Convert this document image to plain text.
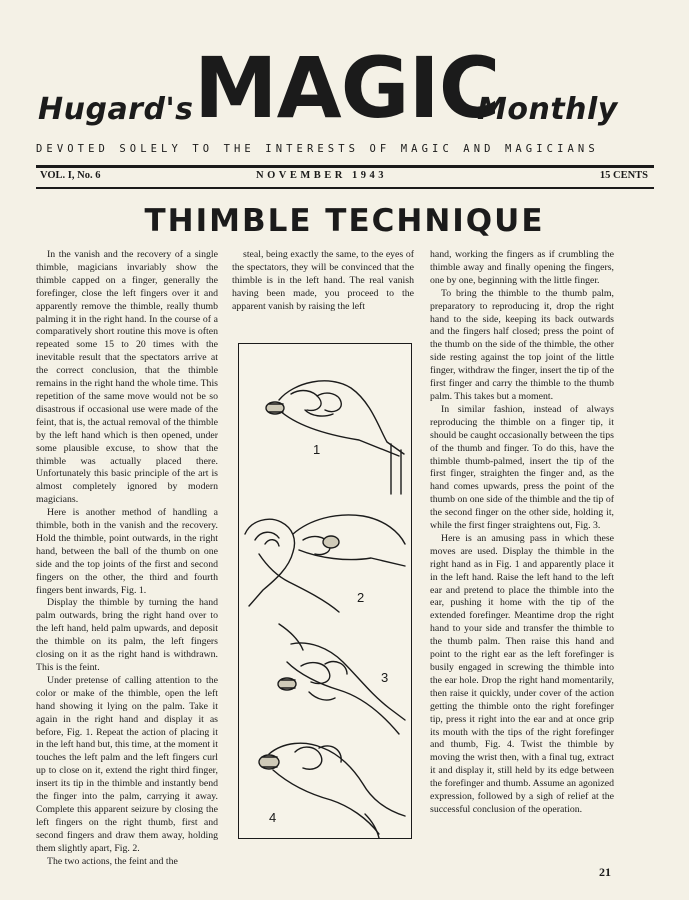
Hugard's MAGIC
Monthly
DEVOTED SOLELY TO THE INTERESTS OF MAGIC AND MAGICIANS
VOL. I, No. 6	NOVEMBER 1943	15 CENTS
THIMBLE TECHNIQUE

In the vanish and the recovery of a single thimble, magicians invariably show the thimble capped on a finger, generally the forefinger, close the left fingers over it and apparently remove the thimble, really thumb palming it in the right hand. In the course of a comparatively short routine this move is often repeated some 15 to 20 times with the inevitable result that the spectators arrive at the correct conclusion, that the thimble remains in the right hand the whole time. This repetition of the same move would not be so disastrous if occasional use were made of the feint, that is, the actual removal of the thimble by the left hand which is then opened, under some plausible excuse, to show that the thimble was actually placed there. Unfortunately this basic principle of the art is almost completely ignored by modern magicians.

Here is another method of handling a thimble, both in the vanish and the recovery. Hold the thimble, point outwards, in the right hand, between the ball of the thumb on one side and the top joints of the first and second fingers on the other, the third and fourth fingers bent inwards, Fig. 1.

Display the thimble by turning the hand palm outwards, bring the right hand over to the left hand, held palm upwards, and deposit the thimble on its palm, the left fingers closing on it as the right hand is withdrawn. This is the feint.

Under pretense of calling attention to the color or make of the thimble, open the left hand showing it lying on the palm. Take it again in the right hand and display it as before, Fig. 1. Repeat the action of placing it in the left hand but, this time, at the moment it touches the left palm and the left fingers curl up to close on it, extend the right third finger, insert its tip in the thimble and instantly bend the finger into the palm, carrying it away. Complete this apparent seizure by closing the left fingers on the right thumb, first and second fingers and draw them away, holding them slightly apart, Fig. 2.

The two actions, the feint and the

steal, being exactly the same, to the eyes of the spectators, they will be convinced that the thimble is in the left hand. The real vanish having been made, you proceed to the apparent vanish by raising the left

1
2
3
4

hand, working the fingers as if crumbling the thimble away and finally opening the fingers, one by one, beginning with the little finger.

To bring the thimble to the thumb palm, preparatory to reproducing it, drop the right hand to the side, keeping its back outwards and the fingers half closed; press the point of the thumb on the side of the thimble, the other side resting against the top joint of the little finger, withdraw the finger, insert the tip of the first finger and carry the thimble to the thumb palm. This takes but a moment.

In similar fashion, instead of always reproducing the thimble on a finger tip, it should be caught occasionally between the tips of the thumb and finger. To do this, have the thimble thumb-palmed, insert the tip of the first finger, straighten the finger and, as the hand comes upwards, press the point of the thumb on one side of the thimble and the tip of the second finger on the other side, holding it, while the first finger straightens out, Fig. 3.

Here is an amusing pass in which these moves are used. Display the thimble in the right hand as in Fig. 1 and apparently place it in the left hand. Raise the left hand to the left ear and pretend to place the thimble into the ear, pushing it home with the tip of the extended forefinger. Meantime drop the right hand to your side and transfer the thimble to the thumb palm. Then raise this hand and point to the right ear as the left forefinger is busily engaged in screwing the thimble into the ear hole. Drop the right hand momentarily, then raise it quickly, under cover of the action getting the thimble onto the right forefinger tip, press it right into the ear and at once grip its mouth with the tips of the right forefinger and thumb, Fig. 4. Twist the thimble by moving the wrist then, with a final tug, extract it and display it, still held by its edge between the forefinger and thumb. Assume an agonized expression, followed by a sigh of relief at the successful conclusion of the operation.

21
